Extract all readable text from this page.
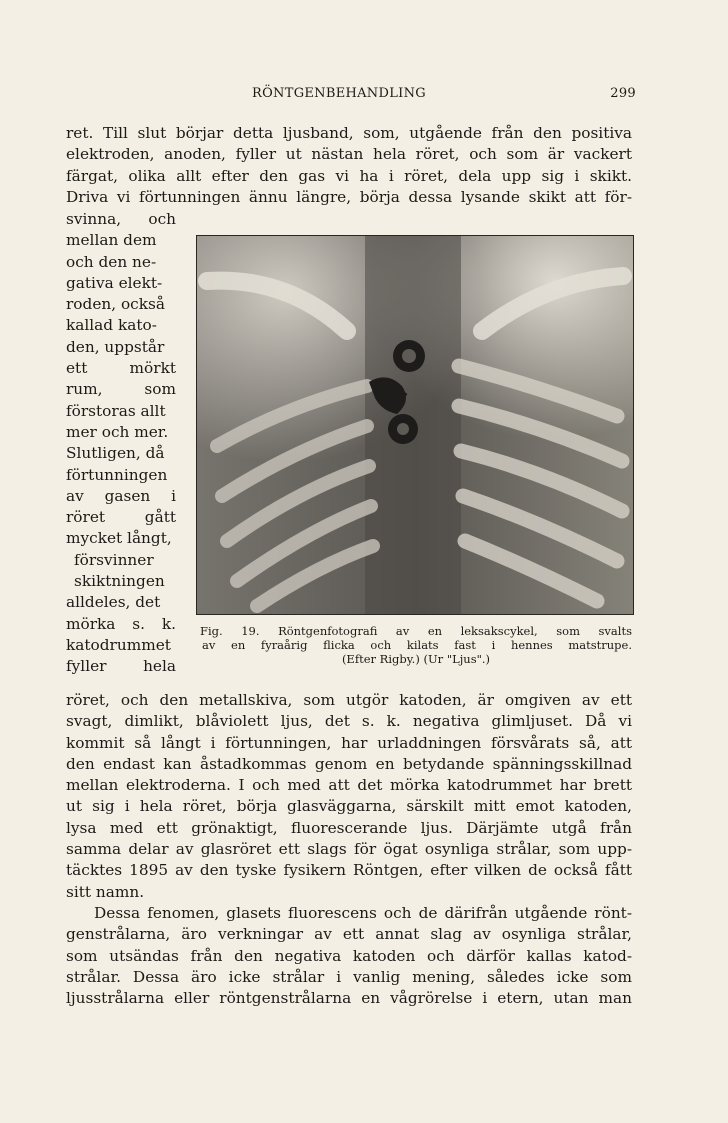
RÖNTGENBEHANDLING	299
ret. Till slut börjar detta ljusband, som, utgående från den positiva
elektroden, anoden, fyller ut nästan hela röret, och som är vackert
färgat, olika allt efter den gas vi ha i röret, dela upp sig i skikt.
Driva vi förtunningen ännu längre, börja dessa lysande skikt att för-
svinna, och
mellan dem
och den ne-
gativa elekt-
roden, också
kallad kato-
den, uppstår
ett mörkt
rum, som
förstoras allt
mer och mer.
Slutligen, då
förtunningen
av gasen i
röret gått
mycket långt,
försvinner
skiktningen
alldeles, det
mörka s. k.
katodrummet
fyller hela
Fig. 19. Röntgenfotografi av en leksakscykel, som svalts
av en fyraårig flicka och kilats fast i hennes matstrupe.
(Efter Rigby.) (Ur "Ljus".)
röret, och den metallskiva, som utgör katoden, är omgiven av ett
svagt, dimlikt, blåviolett ljus, det s. k. negativa glimljuset. Då vi
kommit så långt i förtunningen, har urladdningen försvårats så, att
den endast kan åstadkommas genom en betydande spänningsskillnad
mellan elektroderna. I och med att det mörka katodrummet har brett
ut sig i hela röret, börja glasväggarna, särskilt mitt emot katoden,
lysa med ett grönaktigt, fluorescerande ljus. Därjämte utgå från
samma delar av glasröret ett slags för ögat osynliga strålar, som upp-
täcktes 1895 av den tyske fysikern Röntgen, efter vilken de också fått
sitt namn.
Dessa fenomen, glasets fluorescens och de därifrån utgående rönt-
genstrålarna, äro verkningar av ett annat slag av osynliga strålar,
som utsändas från den negativa katoden och därför kallas katod-
strålar. Dessa äro icke strålar i vanlig mening, således icke som
ljusstrålarna eller röntgenstrålarna en vågrörelse i etern, utan man
